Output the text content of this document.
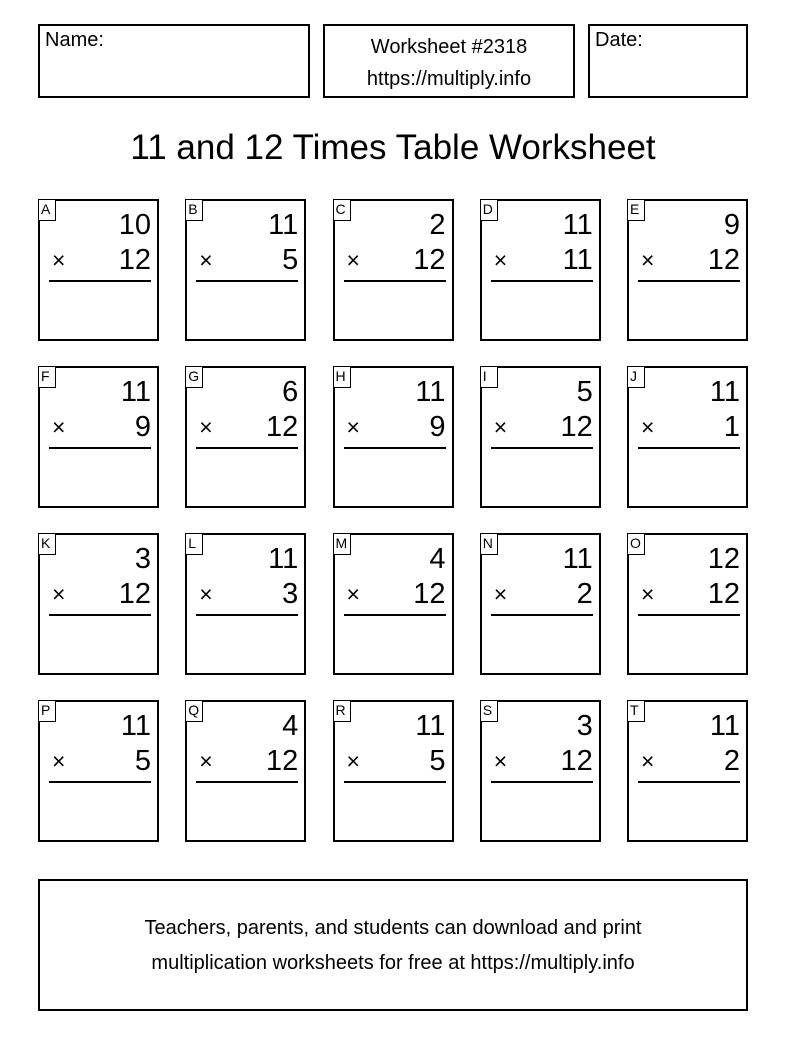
Name:	Worksheet #2318
https://multiply.info
Date:
11 and 12 Times Table Worksheet
A 10
× 12
B 11
× 5
C	2
× 12
D 11
× 11
E	9
× 12
F 11
× 9
G	6
× 12
H 11
× 9
I	5
× 12
J	11
× 1
K	3
× 12
L 11
× 3
M	4
× 12
N 11
× 2
O 12
× 12
P 11
× 5
Q	4
× 12
R 11
× 5
S	3
× 12
T 11
× 2
Teachers, parents, and students can download and print
multiplication worksheets for free at https://multiply.info
